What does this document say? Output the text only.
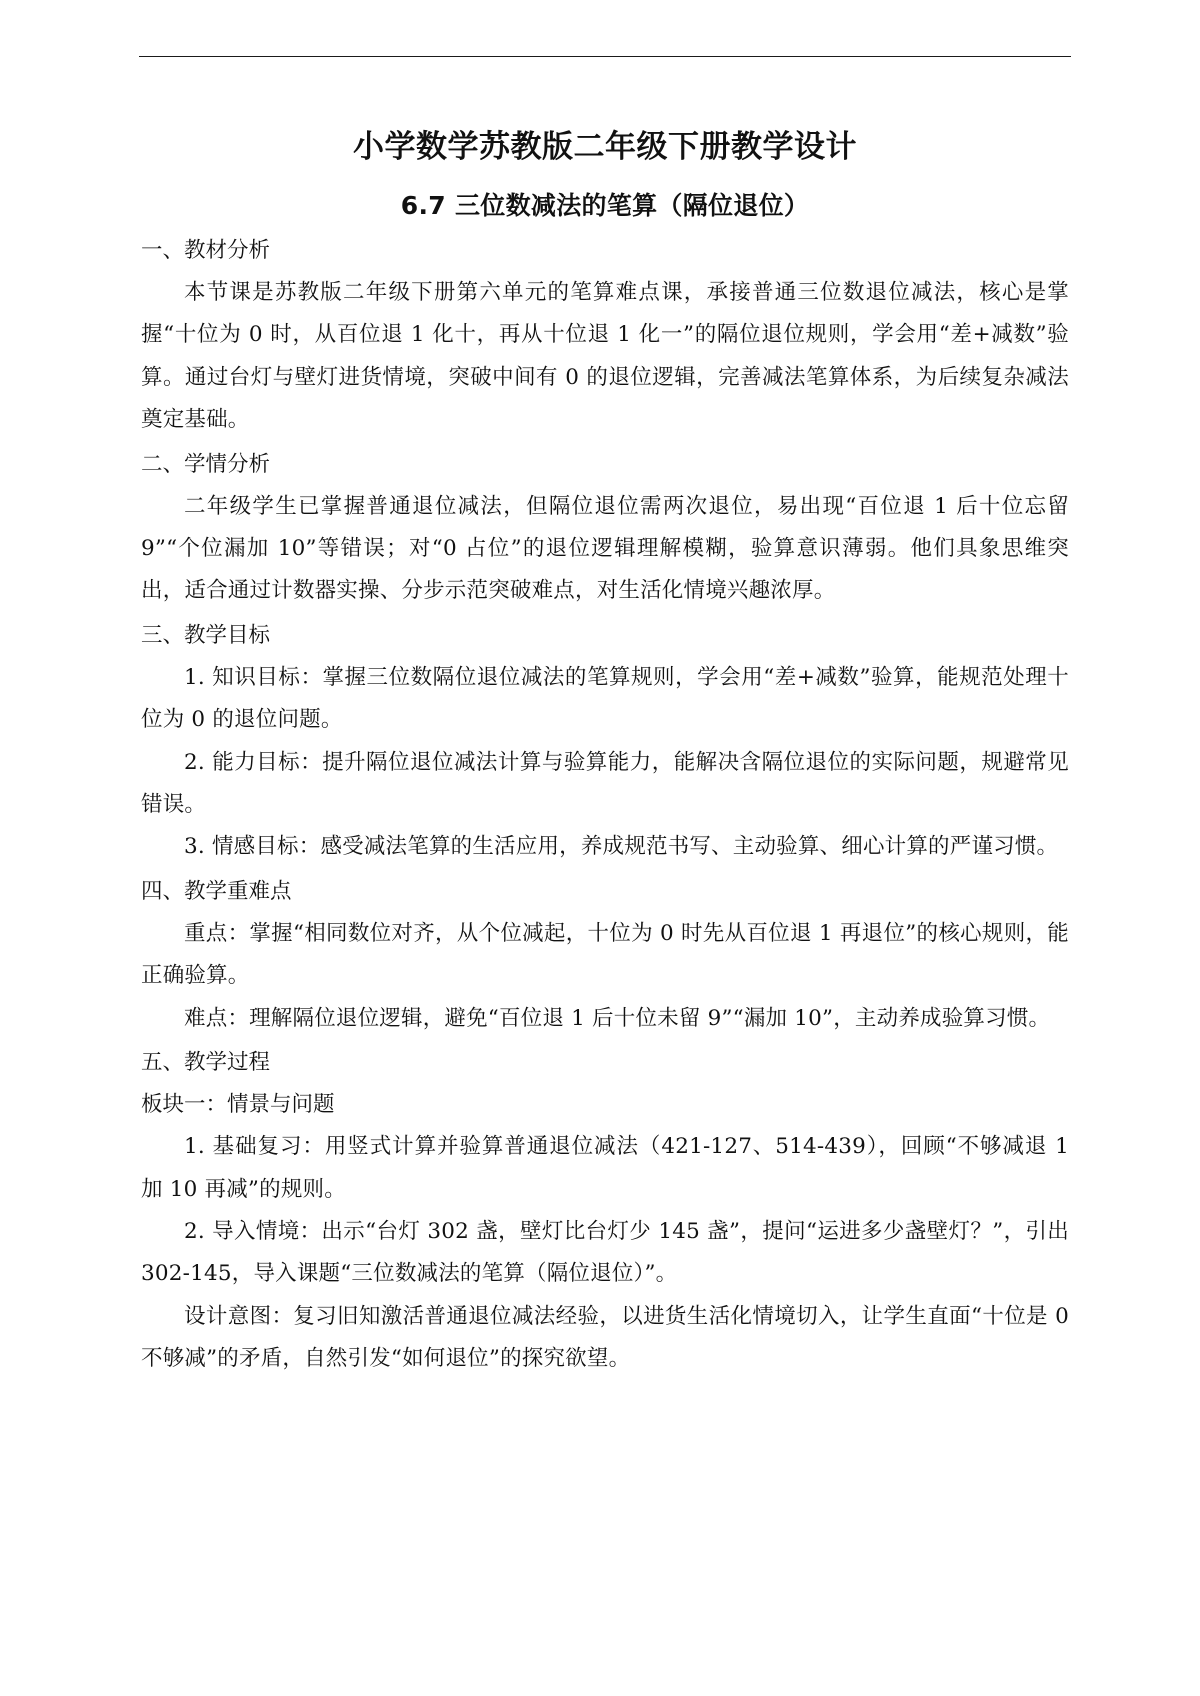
小学数学苏教版二年级下册教学设计
6.7 三位数减法的笔算（隔位退位）
一、教材分析

本节课是苏教版二年级下册第六单元的笔算难点课，承接普通三位数退位减法，核心是掌握“十位为 0 时，从百位退 1 化十，再从十位退 1 化一”的隔位退位规则，学会用“差+减数”验算。通过台灯与壁灯进货情境，突破中间有 0 的退位逻辑，完善减法笔算体系，为后续复杂减法奠定基础。

二、学情分析

二年级学生已掌握普通退位减法，但隔位退位需两次退位，易出现“百位退 1 后十位忘留 9”“个位漏加 10”等错误；对“0 占位”的退位逻辑理解模糊，验算意识薄弱。他们具象思维突出，适合通过计数器实操、分步示范突破难点，对生活化情境兴趣浓厚。

三、教学目标

1. 知识目标：掌握三位数隔位退位减法的笔算规则，学会用“差+减数”验算，能规范处理十位为 0 的退位问题。

2. 能力目标：提升隔位退位减法计算与验算能力，能解决含隔位退位的实际问题，规避常见错误。

3. 情感目标：感受减法笔算的生活应用，养成规范书写、主动验算、细心计算的严谨习惯。

四、教学重难点

重点：掌握“相同数位对齐，从个位减起，十位为 0 时先从百位退 1 再退位”的核心规则，能正确验算。

难点：理解隔位退位逻辑，避免“百位退 1 后十位未留 9”“漏加 10”，主动养成验算习惯。

五、教学过程
板块一：情景与问题

1. 基础复习：用竖式计算并验算普通退位减法（421-127、514-439），回顾“不够减退 1 加 10 再减”的规则。

2. 导入情境：出示“台灯 302 盏，壁灯比台灯少 145 盏”，提问“运进多少盏壁灯？”，引出 302-145，导入课题“三位数减法的笔算（隔位退位）”。

设计意图：复习旧知激活普通退位减法经验，以进货生活化情境切入，让学生直面“十位是 0 不够减”的矛盾，自然引发“如何退位”的探究欲望。
